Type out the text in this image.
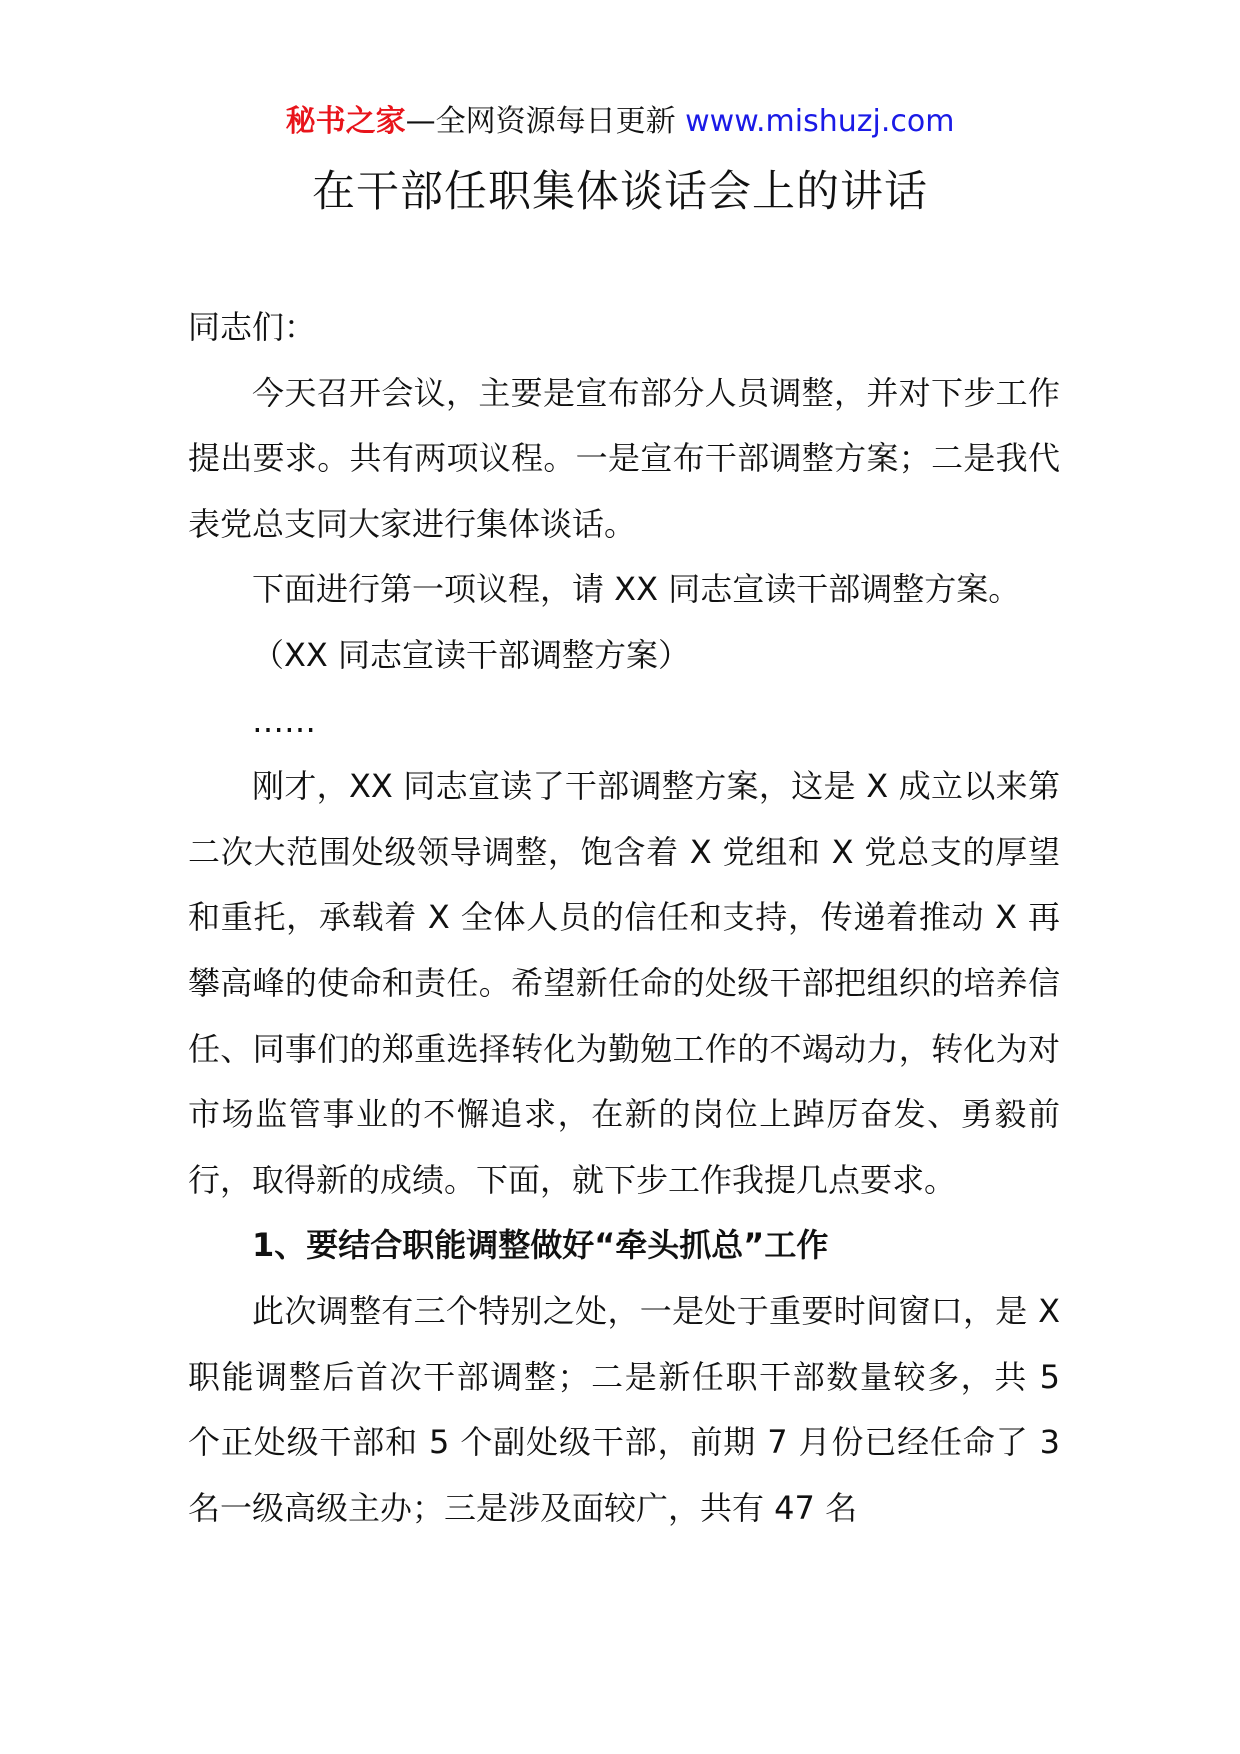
秘书之家—全网资源每日更新 www.mishuzj.com
在干部任职集体谈话会上的讲话

同志们：

今天召开会议，主要是宣布部分人员调整，并对下步工作提出要求。共有两项议程。一是宣布干部调整方案；二是我代表党总支同大家进行集体谈话。

下面进行第一项议程，请 XX 同志宣读干部调整方案。

（XX 同志宣读干部调整方案）

……

刚才，XX 同志宣读了干部调整方案，这是 X 成立以来第二次大范围处级领导调整，饱含着 X 党组和 X 党总支的厚望和重托，承载着 X 全体人员的信任和支持，传递着推动 X 再攀高峰的使命和责任。希望新任命的处级干部把组织的培养信任、同事们的郑重选择转化为勤勉工作的不竭动力，转化为对市场监管事业的不懈追求，在新的岗位上踔厉奋发、勇毅前行，取得新的成绩。下面，就下步工作我提几点要求。

1、要结合职能调整做好“牵头抓总”工作

此次调整有三个特别之处，一是处于重要时间窗口，是 X 职能调整后首次干部调整；二是新任职干部数量较多，共 5 个正处级干部和 5 个副处级干部，前期 7 月份已经任命了 3 名一级高级主办；三是涉及面较广，共有 47 名
